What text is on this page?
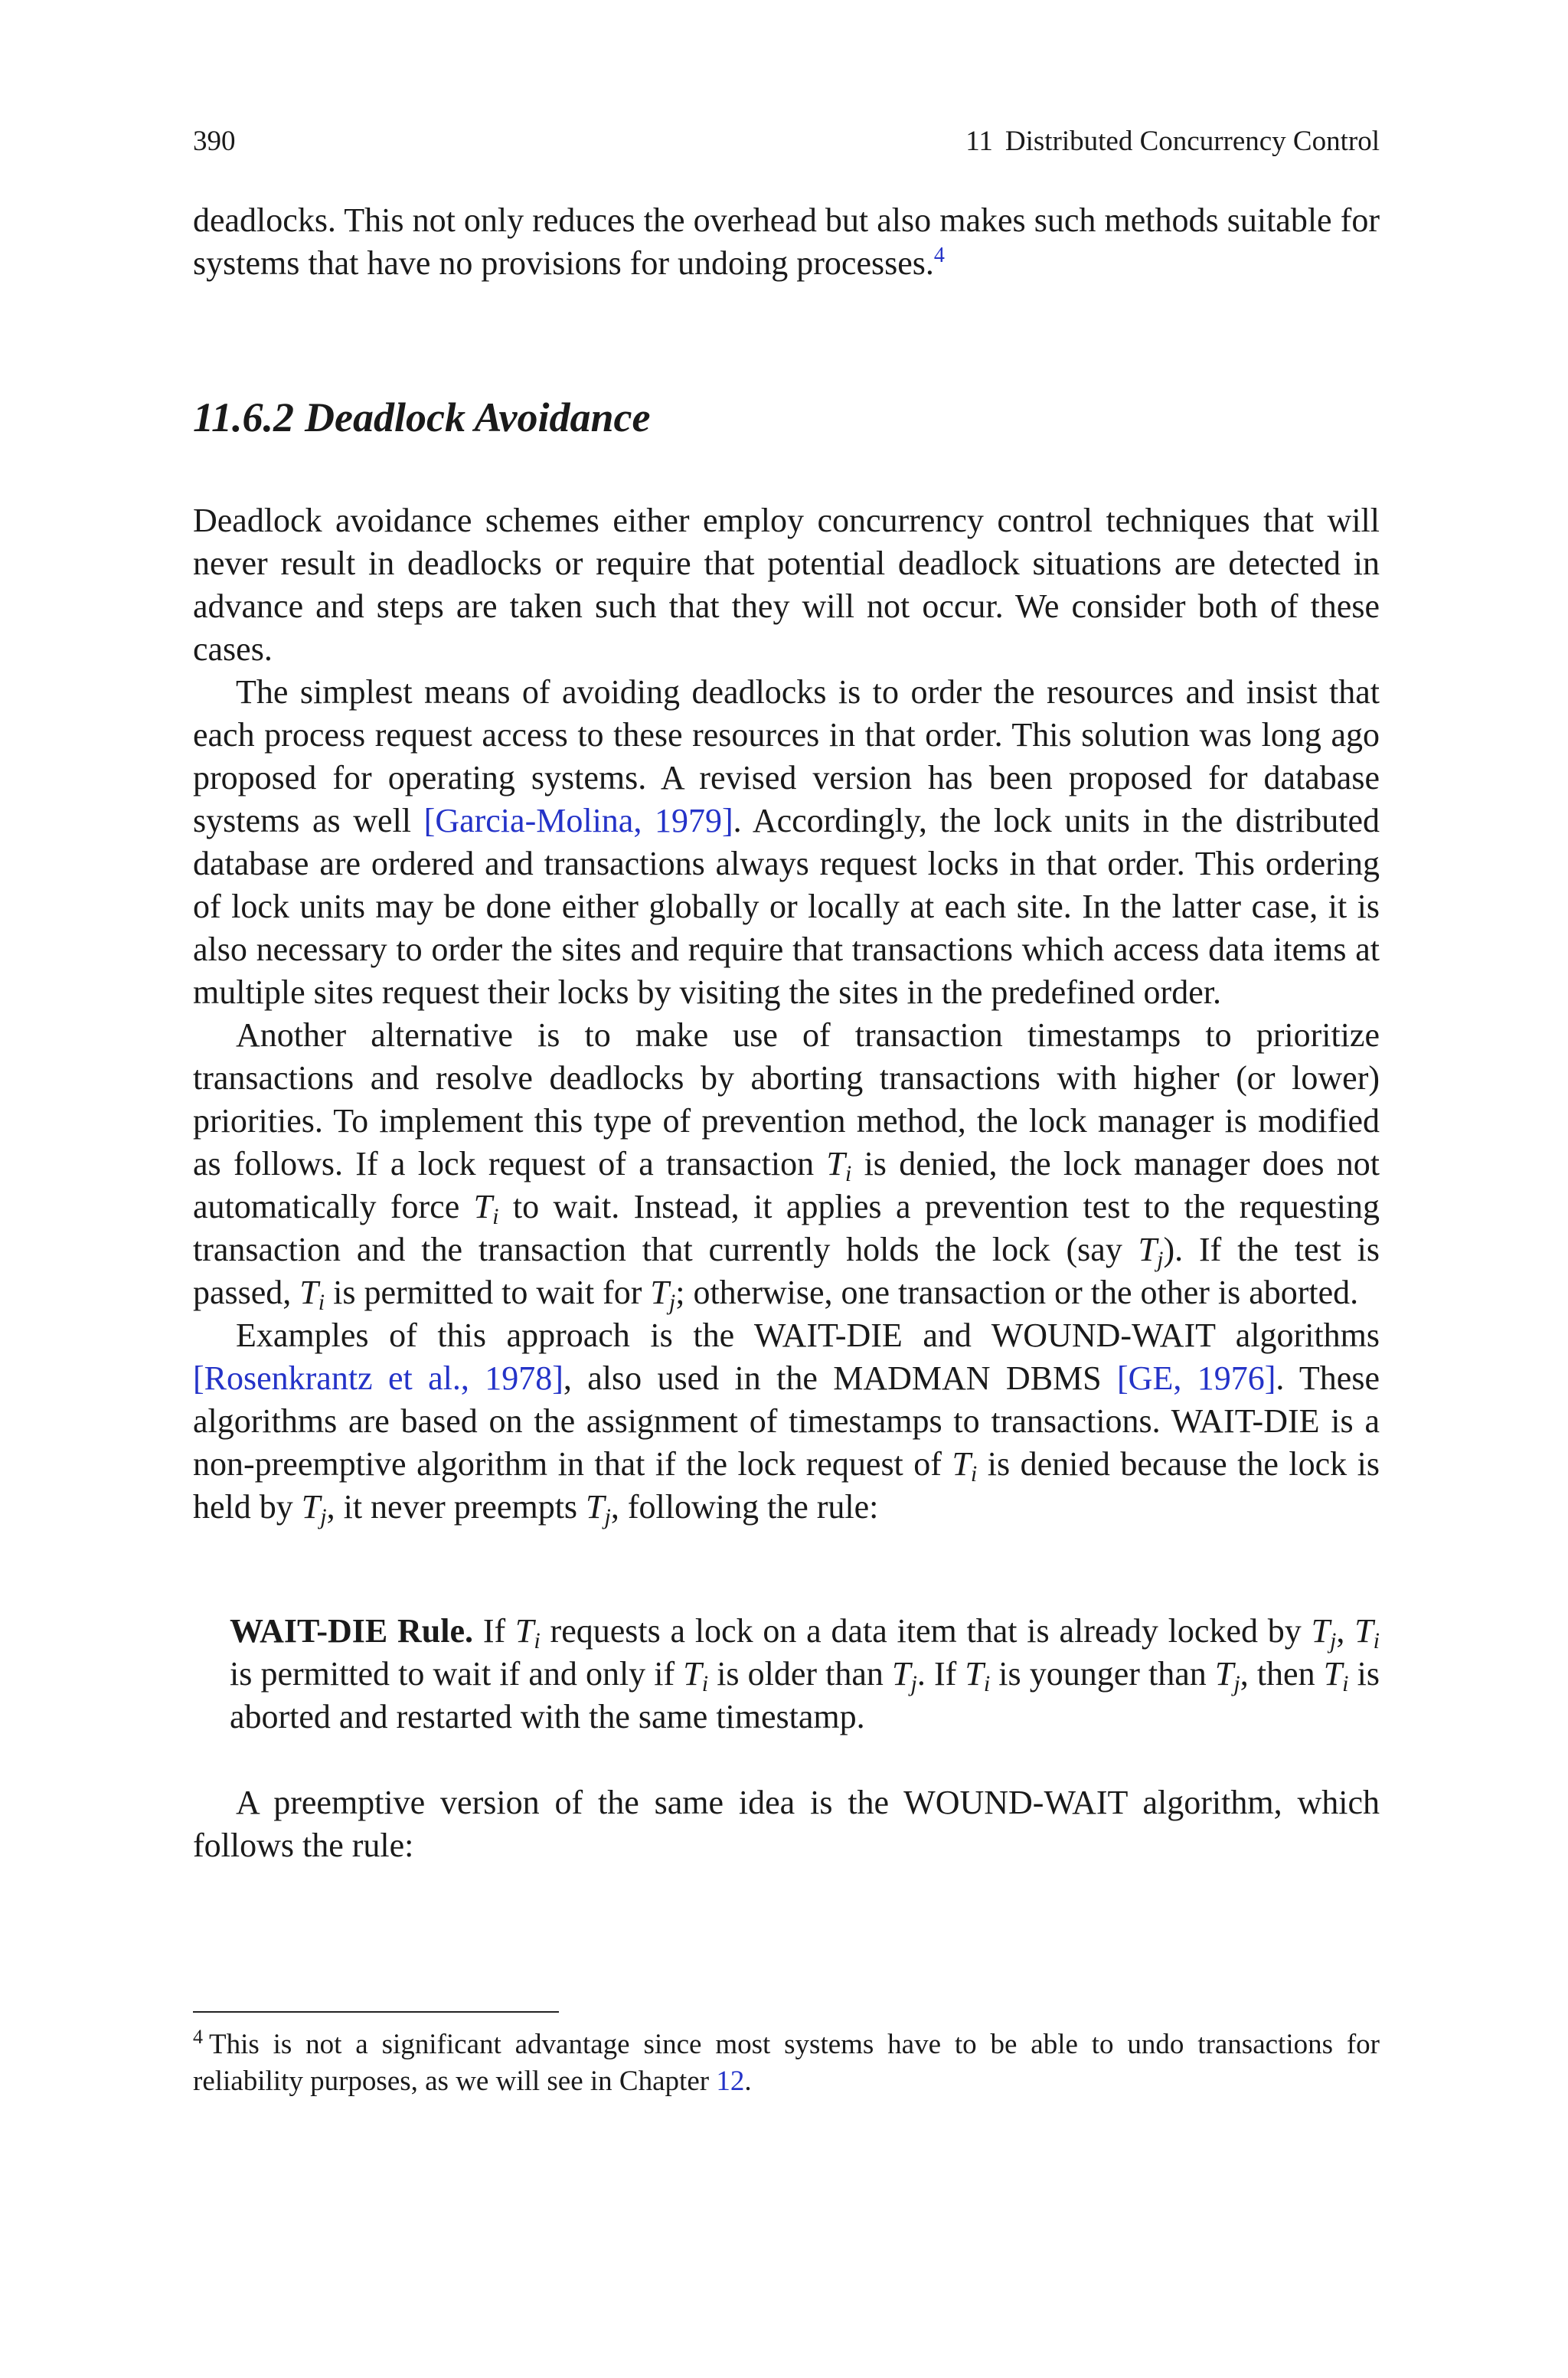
390	11 Distributed Concurrency Control

deadlocks. This not only reduces the overhead but also makes such methods suitable for systems that have no provisions for undoing processes.$^4$

11.6.2 Deadlock Avoidance

Deadlock avoidance schemes either employ concurrency control techniques that will never result in deadlocks or require that potential deadlock situations are detected in advance and steps are taken such that they will not occur. We consider both of these cases.

The simplest means of avoiding deadlocks is to order the resources and insist that each process request access to these resources in that order. This solution was long ago proposed for operating systems. A revised version has been proposed for database systems as well [Garcia-Molina, 1979]. Accordingly, the lock units in the distributed database are ordered and transactions always request locks in that order. This ordering of lock units may be done either globally or locally at each site. In the latter case, it is also necessary to order the sites and require that transactions which access data items at multiple sites request their locks by visiting the sites in the predefined order.

Another alternative is to make use of transaction timestamps to prioritize transactions and resolve deadlocks by aborting transactions with higher (or lower) priorities. To implement this type of prevention method, the lock manager is modified as follows. If a lock request of a transaction $T_i$ is denied, the lock manager does not automatically force $T_i$ to wait. Instead, it applies a prevention test to the requesting transaction and the transaction that currently holds the lock (say $T_j$). If the test is passed, $T_i$ is permitted to wait for $T_j$; otherwise, one transaction or the other is aborted.

Examples of this approach is the WAIT-DIE and WOUND-WAIT algorithms [Rosenkrantz et al., 1978], also used in the MADMAN DBMS [GE, 1976]. These algorithms are based on the assignment of timestamps to transactions. WAIT-DIE is a non-preemptive algorithm in that if the lock request of $T_i$ is denied because the lock is held by $T_j$, it never preempts $T_j$, following the rule:

WAIT-DIE Rule. If $T_i$ requests a lock on a data item that is already locked by $T_j$, $T_i$ is permitted to wait if and only if $T_i$ is older than $T_j$. If $T_i$ is younger than $T_j$, then $T_i$ is aborted and restarted with the same timestamp.

A preemptive version of the same idea is the WOUND-WAIT algorithm, which follows the rule:

$^4$ This is not a significant advantage since most systems have to be able to undo transactions for reliability purposes, as we will see in Chapter 12.
